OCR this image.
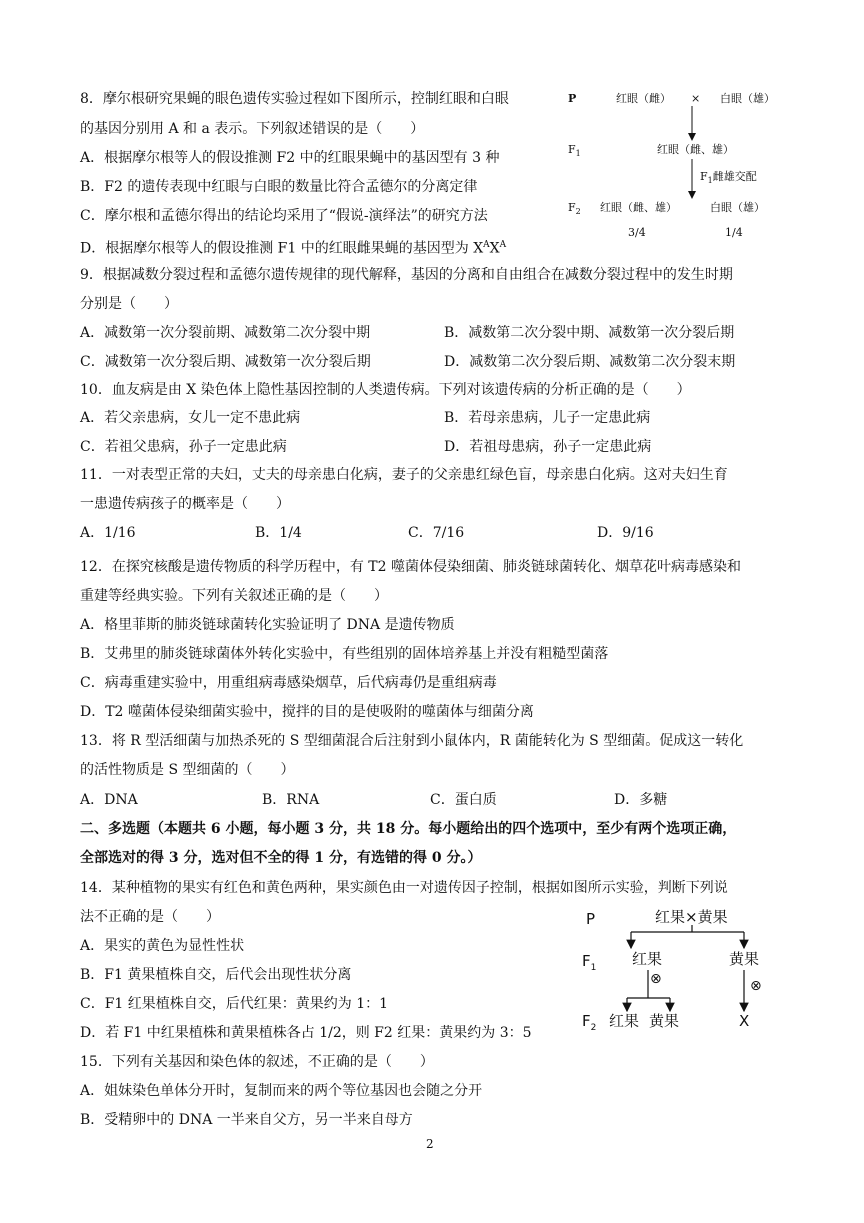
8．摩尔根研究果蝇的眼色遗传实验过程如下图所示，控制红眼和白眼
的基因分别用 A 和 a 表示。下列叙述错误的是（　　）
A．根据摩尔根等人的假设推测 F2 中的红眼果蝇中的基因型有 3 种
B．F2 的遗传表现中红眼与白眼的数量比符合孟德尔的分离定律
C．摩尔根和孟德尔得出的结论均采用了“假说-演绎法”的研究方法
D．根据摩尔根等人的假设推测 F1 中的红眼雌果蝇的基因型为 $X^AX^A$
P	红眼（雌） × 白眼（雄）
$F_1$	红眼（雌、雄）
$F_1$雌雄交配
$F_2$ 红眼（雌、雄）	白眼（雄）
3/4	1/4
9．根据减数分裂过程和孟德尔遗传规律的现代解释，基因的分离和自由组合在减数分裂过程中的发生时期
分别是（　　）
A．减数第一次分裂前期、减数第二次分裂中期	B．减数第二次分裂中期、减数第一次分裂后期
C．减数第一次分裂后期、减数第一次分裂后期	D．减数第二次分裂后期、减数第二次分裂末期
10．血友病是由 X 染色体上隐性基因控制的人类遗传病。下列对该遗传病的分析正确的是（　　）
A．若父亲患病，女儿一定不患此病	B．若母亲患病，儿子一定患此病
C．若祖父患病，孙子一定患此病	D．若祖母患病，孙子一定患此病
11．一对表型正常的夫妇，丈夫的母亲患白化病，妻子的父亲患红绿色盲，母亲患白化病。这对夫妇生育
一患遗传病孩子的概率是（　　）
A．1/16	B．1/4	C．7/16	D．9/16
12．在探究核酸是遗传物质的科学历程中，有 T2 噬菌体侵染细菌、肺炎链球菌转化、烟草花叶病毒感染和
重建等经典实验。下列有关叙述正确的是（　　）
A．格里菲斯的肺炎链球菌转化实验证明了 DNA 是遗传物质
B．艾弗里的肺炎链球菌体外转化实验中，有些组别的固体培养基上并没有粗糙型菌落
C．病毒重建实验中，用重组病毒感染烟草，后代病毒仍是重组病毒
D．T2 噬菌体侵染细菌实验中，搅拌的目的是使吸附的噬菌体与细菌分离
13．将 R 型活细菌与加热杀死的 S 型细菌混合后注射到小鼠体内，R 菌能转化为 S 型细菌。促成这一转化
的活性物质是 S 型细菌的（　　）
A．DNA	B．RNA	C．蛋白质	D．多糖
二、多选题（本题共 6 小题，每小题 3 分，共 18 分。每小题给出的四个选项中，至少有两个选项正确，
全部选对的得 3 分，选对但不全的得 1 分，有选错的得 0 分。）
14．某种植物的果实有红色和黄色两种，果实颜色由一对遗传因子控制，根据如图所示实验，判断下列说
法不正确的是（　　）
A．果实的黄色为显性性状
B．F1 黄果植株自交，后代会出现性状分离
C．F1 红果植株自交，后代红果：黄果约为 1：1
D．若 F1 中红果植株和黄果植株各占 1/2，则 F2 红果：黄果约为 3：5
P	红果×黄果
$F_1$ 红果	黄果
⊗	⊗
$F_2$ 红果 黄果	X
15．下列有关基因和染色体的叙述，不正确的是（　　）
A．姐妹染色单体分开时，复制而来的两个等位基因也会随之分开
B．受精卵中的 DNA 一半来自父方，另一半来自母方
2
